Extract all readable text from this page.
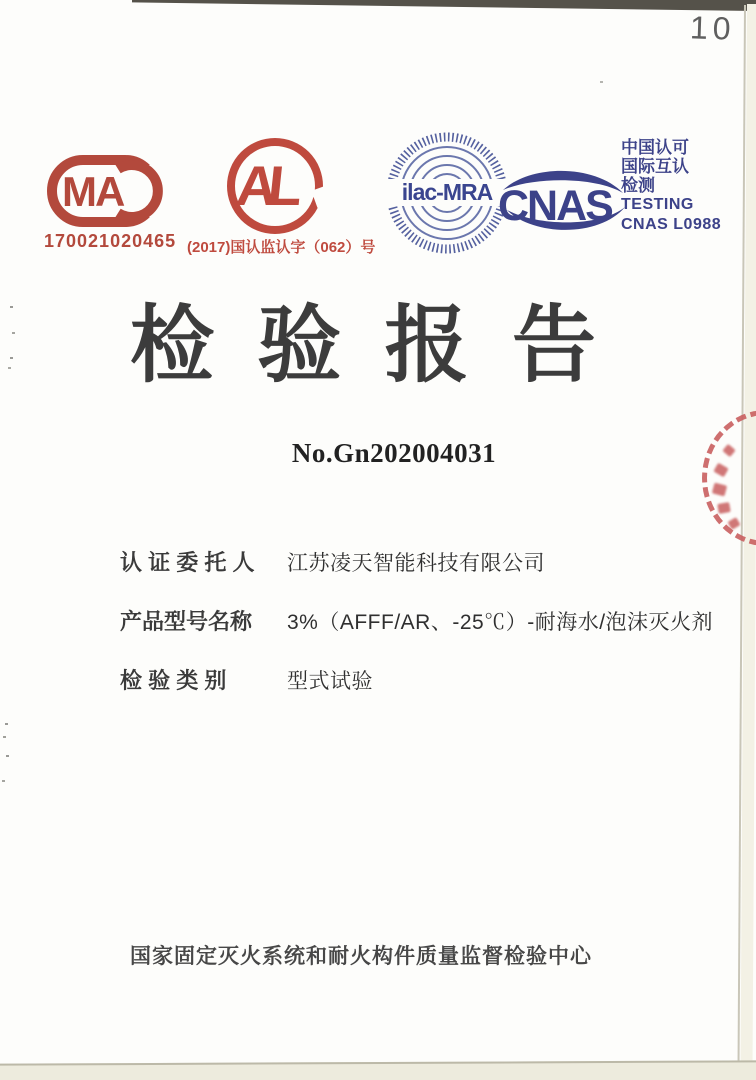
10
MA
170021020465
AL
(2017)国认监认字（062）号
ilac-MRA CNAS
中国认可
国际互认
检测
TESTING
CNAS L0988
检 验 报 告
No.Gn202004031
认 证 委 托 人	江苏凌天智能科技有限公司
产品型号名称	3%（AFFF/AR、-25℃）-耐海水/泡沫灭火剂
检 验 类 别	型式试验
国家固定灭火系统和耐火构件质量监督检验中心
